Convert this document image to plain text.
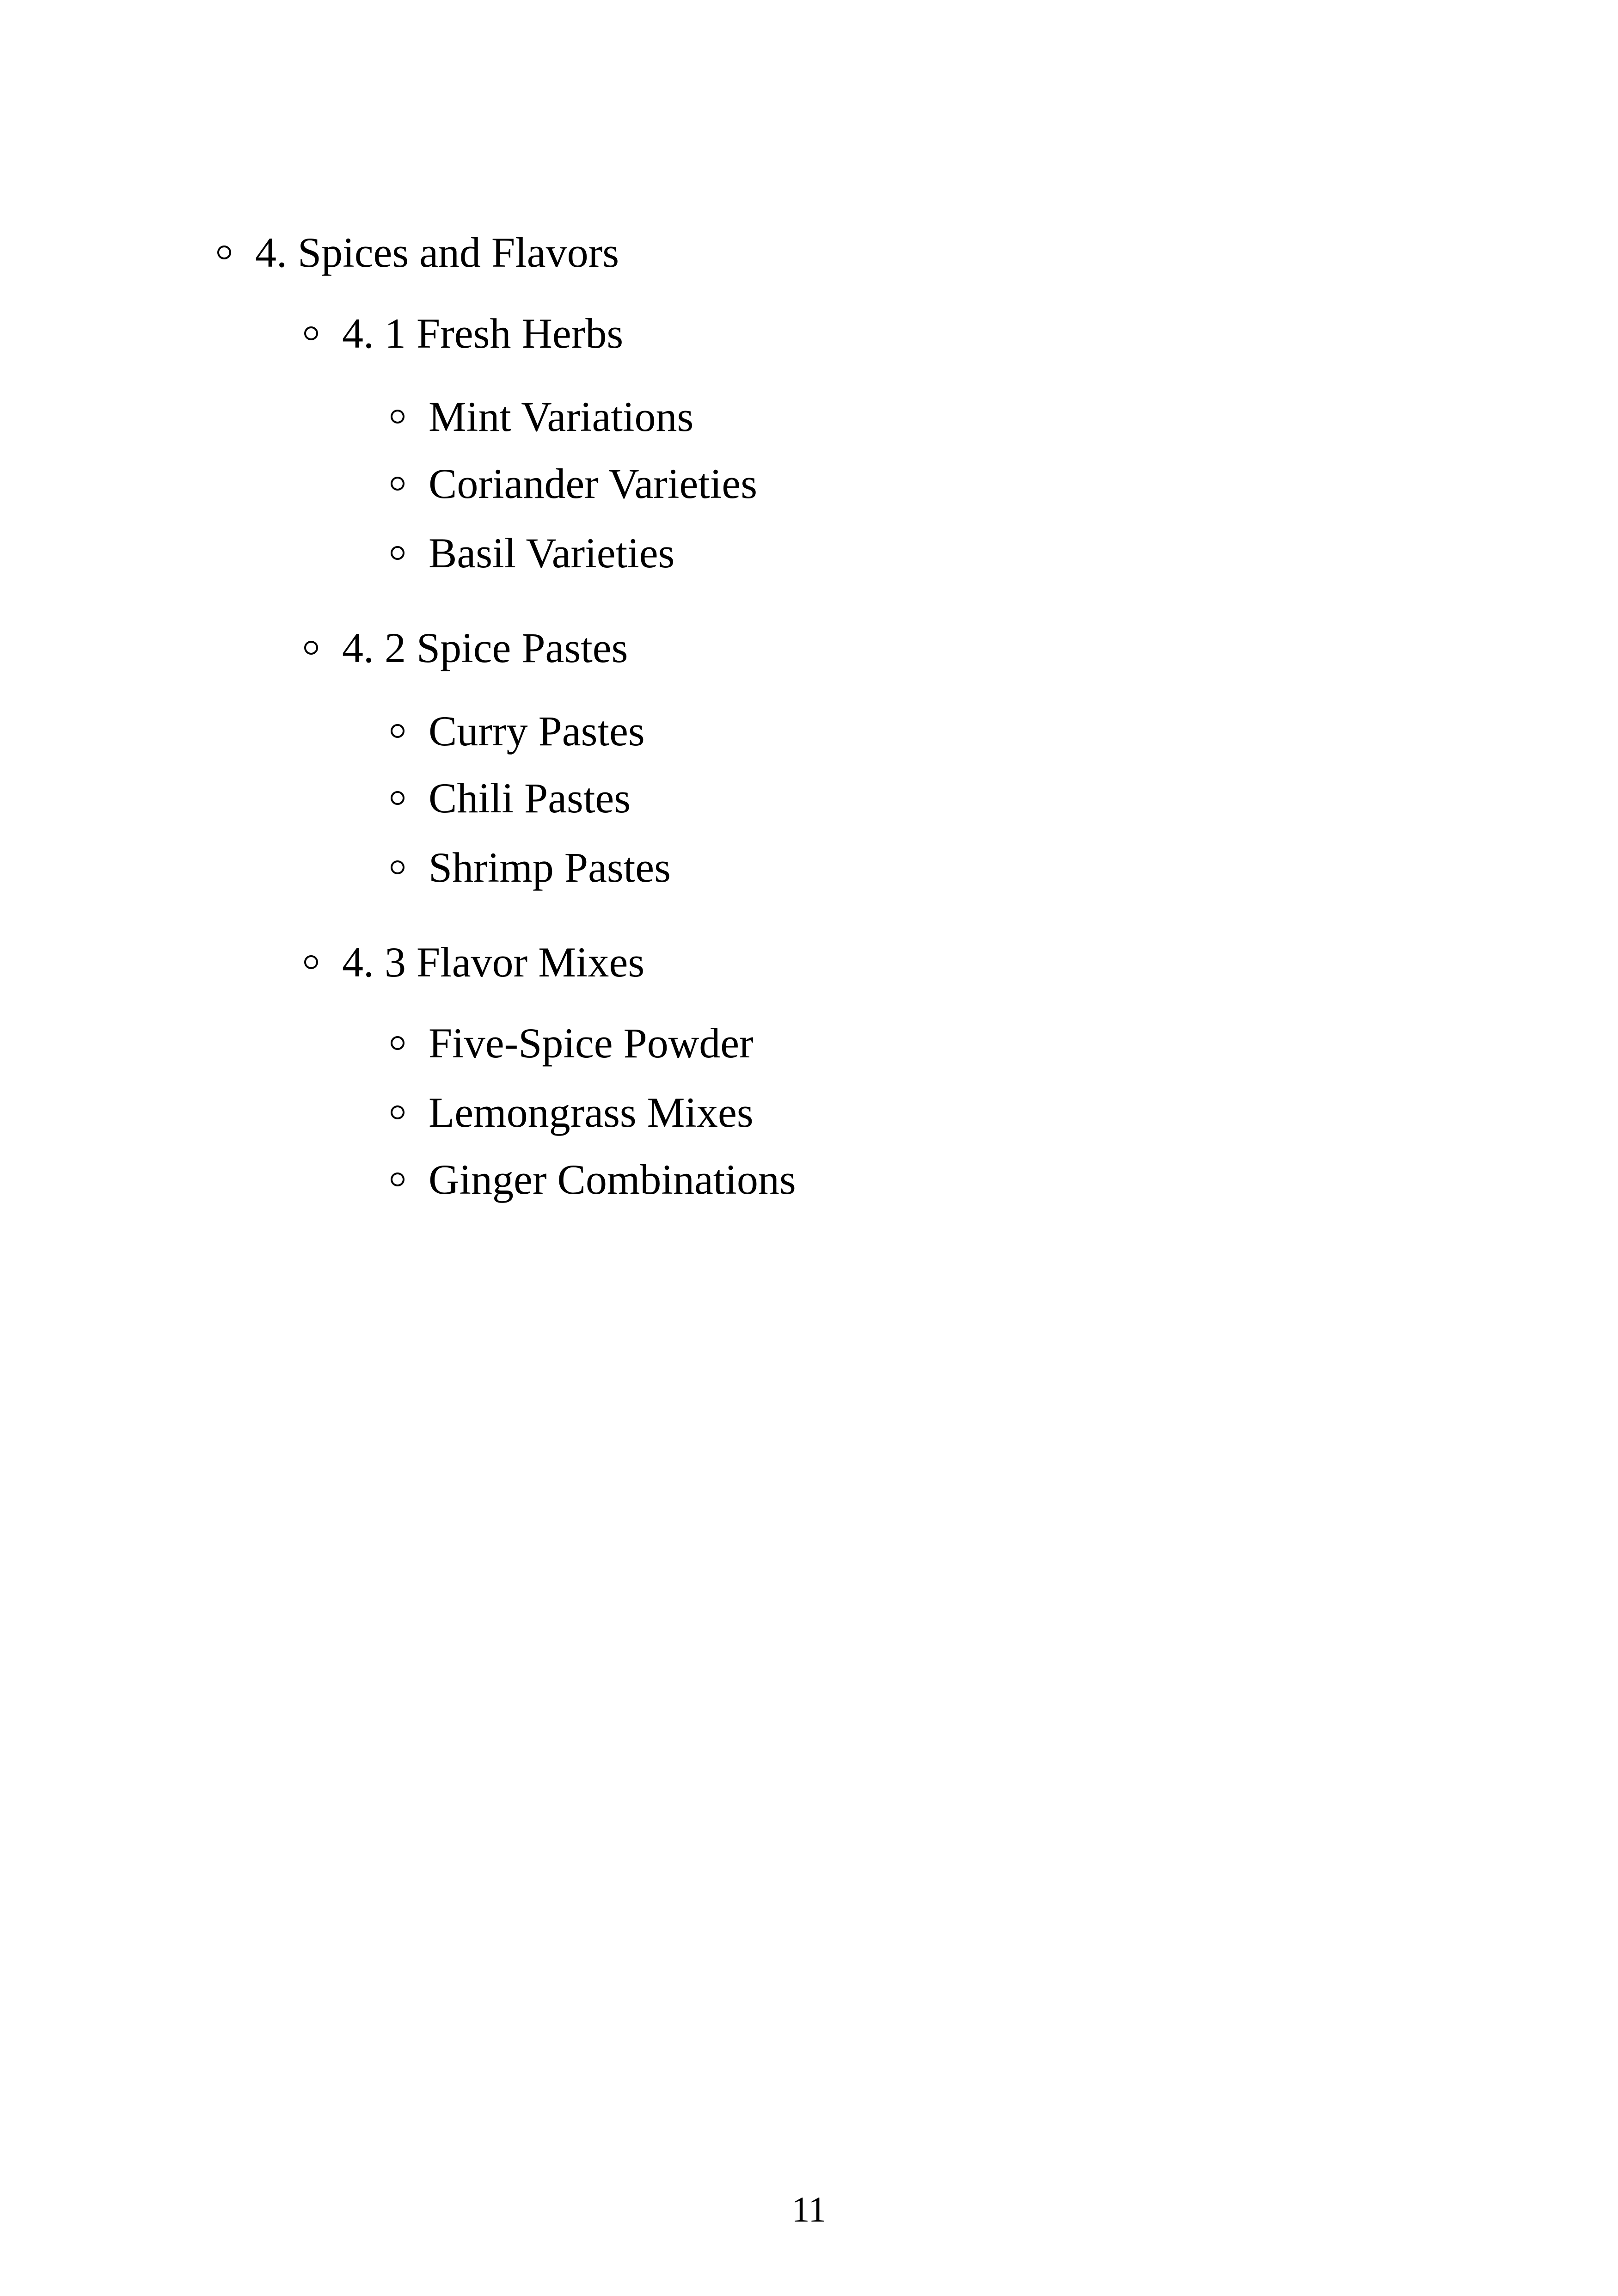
4. Spices and Flavors
4. 1 Fresh Herbs
Mint Variations
Coriander Varieties
Basil Varieties
4. 2 Spice Pastes
Curry Pastes
Chili Pastes
Shrimp Pastes
4. 3 Flavor Mixes
Five-Spice Powder
Lemongrass Mixes
Ginger Combinations
11
